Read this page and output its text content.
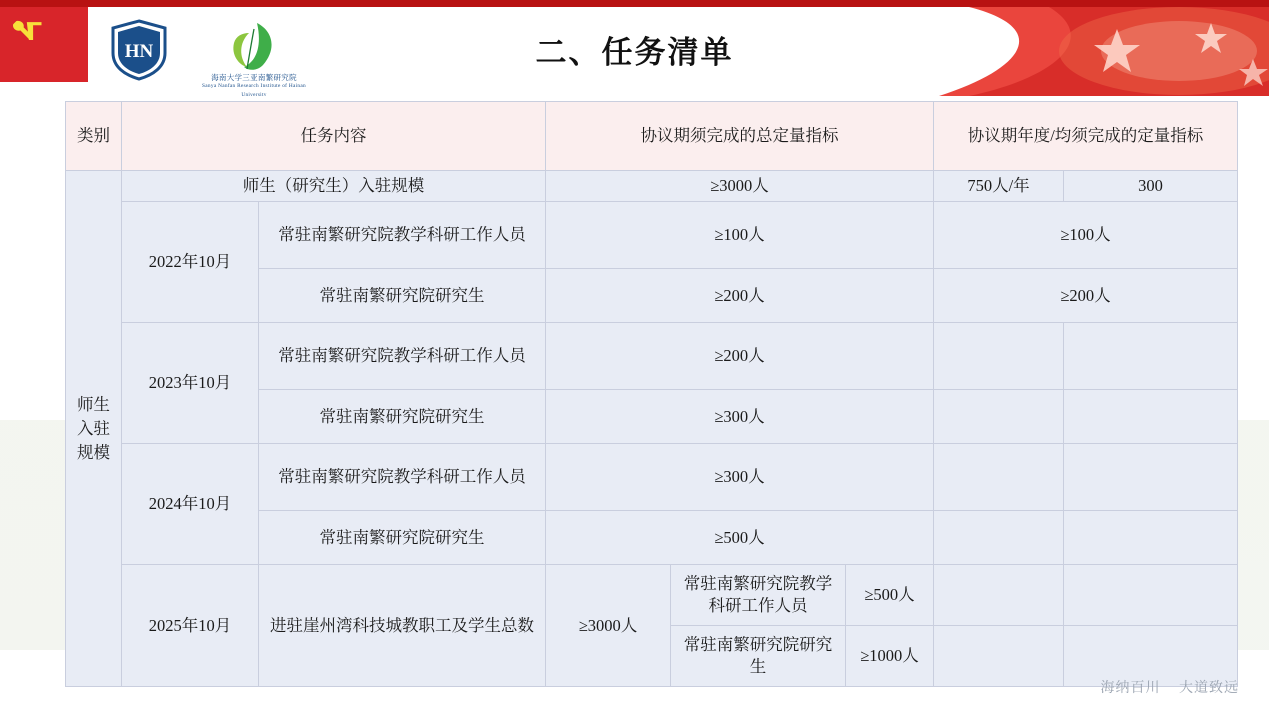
HN
海南大学三亚南繁研究院
Sanya Nanfan Research Institute of Hainan University
二、任务清单
类别	任务内容		协议期须完成的总定量指标			协议期年度/均须完成的定量指标	
师生
入驻
规模	师生（研究生）入驻规模		≥3000人			750人/年	300
	2022年10月	常驻南繁研究院教学科研工作人员	≥100人			≥100人	
		常驻南繁研究院研究生	≥200人			≥200人	
	2023年10月	常驻南繁研究院教学科研工作人员	≥200人				
		常驻南繁研究院研究生	≥300人				
	2024年10月	常驻南繁研究院教学科研工作人员	≥300人				
		常驻南繁研究院研究生	≥500人				
	2025年10月	进驻崖州湾科技城教职工及学生总数	≥3000人	常驻南繁研究院教学科研工作人员	≥500人		
				常驻南繁研究院研究生	≥1000人		
海纳百川 大道致远
